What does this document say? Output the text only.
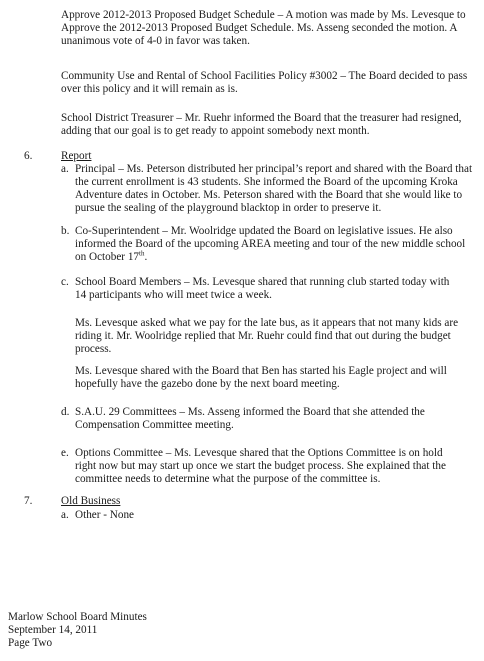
Approve 2012-2013 Proposed Budget Schedule – A motion was made by Ms. Levesque to
Approve the 2012-2013 Proposed Budget Schedule. Ms. Asseng seconded the motion. A
unanimous vote of 4-0 in favor was taken.
Community Use and Rental of School Facilities Policy #3002 – The Board decided to pass
over this policy and it will remain as is.
School District Treasurer – Mr. Ruehr informed the Board that the treasurer had resigned,
adding that our goal is to get ready to appoint somebody next month.
6.	Report
a. Principal – Ms. Peterson distributed her principal’s report and shared with the Board that
the current enrollment is 43 students. She informed the Board of the upcoming Kroka
Adventure dates in October. Ms. Peterson shared with the Board that she would like to
pursue the sealing of the playground blacktop in order to preserve it.
b. Co-Superintendent – Mr. Woolridge updated the Board on legislative issues. He also
informed the Board of the upcoming AREA meeting and tour of the new middle school
on October 17th.
c. School Board Members – Ms. Levesque shared that running club started today with
14 participants who will meet twice a week.
Ms. Levesque asked what we pay for the late bus, as it appears that not many kids are
riding it. Mr. Woolridge replied that Mr. Ruehr could find that out during the budget
process.
Ms. Levesque shared with the Board that Ben has started his Eagle project and will
hopefully have the gazebo done by the next board meeting.
d. S.A.U. 29 Committees – Ms. Asseng informed the Board that she attended the
Compensation Committee meeting.
e. Options Committee – Ms. Levesque shared that the Options Committee is on hold
right now but may start up once we start the budget process. She explained that the
committee needs to determine what the purpose of the committee is.
7.	Old Business
a. Other - None
Marlow School Board Minutes
September 14, 2011
Page Two
